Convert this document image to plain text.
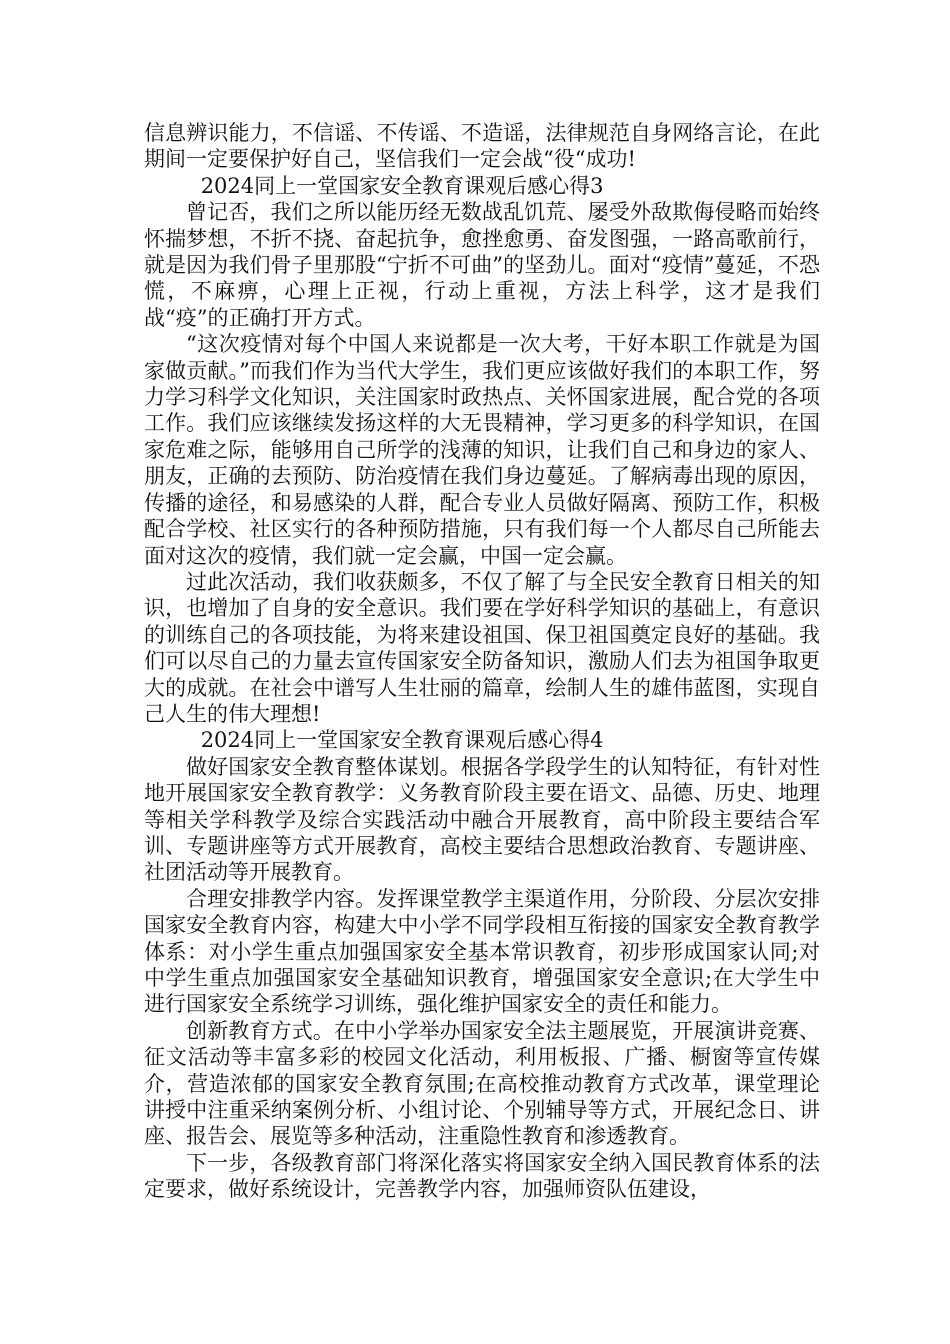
信息辨识能力，不信谣、不传谣、不造谣，法律规范自身网络言论，在此期间一定要保护好自己，坚信我们一定会战“役“成功!

2024同上一堂国家安全教育课观后感心得3

曾记否，我们之所以能历经无数战乱饥荒、屡受外敌欺侮侵略而始终怀揣梦想，不折不挠、奋起抗争，愈挫愈勇、奋发图强，一路高歌前行，就是因为我们骨子里那股“宁折不可曲”的坚劲儿。面对“疫情”蔓延，不恐慌，不麻痹，心理上正视，行动上重视，方法上科学，这才是我们战“疫”的正确打开方式。

“这次疫情对每个中国人来说都是一次大考，干好本职工作就是为国家做贡献。”而我们作为当代大学生，我们更应该做好我们的本职工作，努力学习科学文化知识，关注国家时政热点、关怀国家进展，配合党的各项工作。我们应该继续发扬这样的大无畏精神，学习更多的科学知识，在国家危难之际，能够用自己所学的浅薄的知识，让我们自己和身边的家人、朋友，正确的去预防、防治疫情在我们身边蔓延。了解病毒出现的原因，传播的途径，和易感染的人群，配合专业人员做好隔离、预防工作，积极配合学校、社区实行的各种预防措施，只有我们每一个人都尽自己所能去面对这次的疫情，我们就一定会赢，中国一定会赢。

过此次活动，我们收获颇多，不仅了解了与全民安全教育日相关的知识，也增加了自身的安全意识。我们要在学好科学知识的基础上，有意识的训练自己的各项技能，为将来建设祖国、保卫祖国奠定良好的基础。我们可以尽自己的力量去宣传国家安全防备知识，激励人们去为祖国争取更大的成就。在社会中谱写人生壮丽的篇章，绘制人生的雄伟蓝图，实现自己人生的伟大理想!

2024同上一堂国家安全教育课观后感心得4

做好国家安全教育整体谋划。根据各学段学生的认知特征，有针对性地开展国家安全教育教学：义务教育阶段主要在语文、品德、历史、地理等相关学科教学及综合实践活动中融合开展教育，高中阶段主要结合军训、专题讲座等方式开展教育，高校主要结合思想政治教育、专题讲座、社团活动等开展教育。

合理安排教学内容。发挥课堂教学主渠道作用，分阶段、分层次安排国家安全教育内容，构建大中小学不同学段相互衔接的国家安全教育教学体系：对小学生重点加强国家安全基本常识教育，初步形成国家认同;对中学生重点加强国家安全基础知识教育，增强国家安全意识;在大学生中进行国家安全系统学习训练，强化维护国家安全的责任和能力。

创新教育方式。在中小学举办国家安全法主题展览，开展演讲竞赛、征文活动等丰富多彩的校园文化活动，利用板报、广播、橱窗等宣传媒介，营造浓郁的国家安全教育氛围;在高校推动教育方式改革，课堂理论讲授中注重采纳案例分析、小组讨论、个别辅导等方式，开展纪念日、讲座、报告会、展览等多种活动，注重隐性教育和渗透教育。

下一步，各级教育部门将深化落实将国家安全纳入国民教育体系的法定要求，做好系统设计，完善教学内容，加强师资队伍建设，
